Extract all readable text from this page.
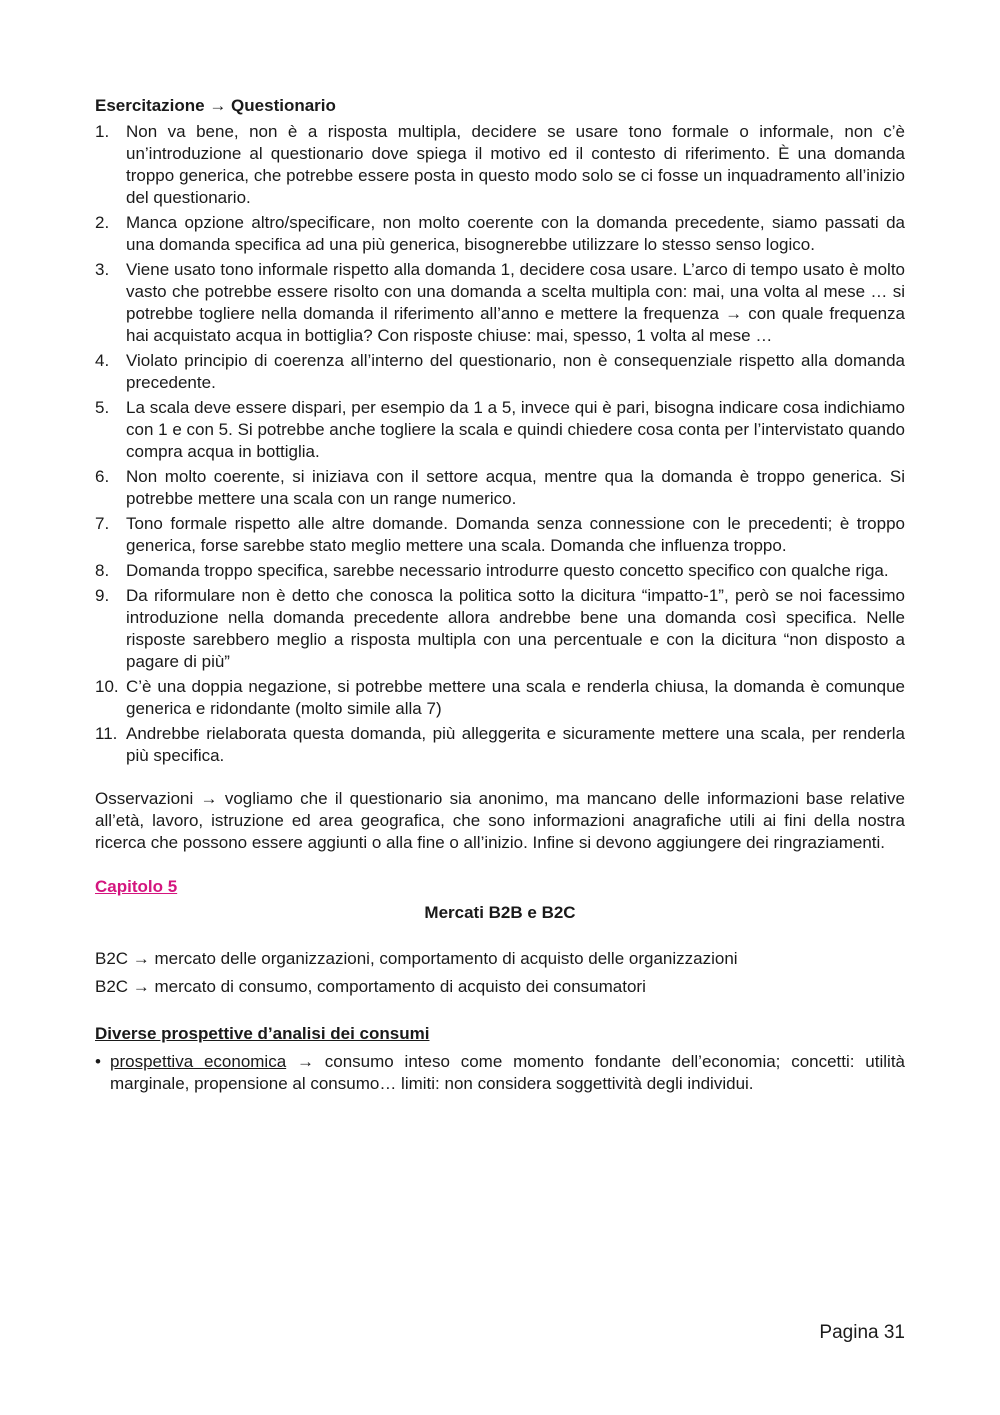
Esercitazione → Questionario
1. Non va bene, non è a risposta multipla, decidere se usare tono formale o informale, non c’è un’introduzione al questionario dove spiega il motivo ed il contesto di riferimento. È una domanda troppo generica, che potrebbe essere posta in questo modo solo se ci fosse un inquadramento all’inizio del questionario.
2. Manca opzione altro/specificare, non molto coerente con la domanda precedente, siamo passati da una domanda specifica ad una più generica, bisognerebbe utilizzare lo stesso senso logico.
3. Viene usato tono informale rispetto alla domanda 1, decidere cosa usare. L’arco di tempo usato è molto vasto che potrebbe essere risolto con una domanda a scelta multipla con: mai, una volta al mese … si potrebbe togliere nella domanda il riferimento all’anno e mettere la frequenza → con quale frequenza hai acquistato acqua in bottiglia? Con risposte chiuse: mai, spesso, 1 volta al mese …
4. Violato principio di coerenza all’interno del questionario, non è consequenziale rispetto alla domanda precedente.
5. La scala deve essere dispari, per esempio da 1 a 5, invece qui è pari, bisogna indicare cosa indichiamo con 1 e con 5. Si potrebbe anche togliere la scala e quindi chiedere cosa conta per l’intervistato quando compra acqua in bottiglia.
6. Non molto coerente, si iniziava con il settore acqua, mentre qua la domanda è troppo generica. Si potrebbe mettere una scala con un range numerico.
7. Tono formale rispetto alle altre domande. Domanda senza connessione con le precedenti; è troppo generica, forse sarebbe stato meglio mettere una scala. Domanda che influenza troppo.
8. Domanda troppo specifica, sarebbe necessario introdurre questo concetto specifico con qualche riga.
9. Da riformulare non è detto che conosca la politica sotto la dicitura “impatto-1”, però se noi facessimo introduzione nella domanda precedente allora andrebbe bene una domanda così specifica. Nelle risposte sarebbero meglio a risposta multipla con una percentuale e con la dicitura “non disposto a pagare di più”
10. C’è una doppia negazione, si potrebbe mettere una scala e renderla chiusa, la domanda è comunque generica e ridondante (molto simile alla 7)
11. Andrebbe rielaborata questa domanda, più alleggerita e sicuramente mettere una scala, per renderla più specifica.
Osservazioni → vogliamo che il questionario sia anonimo, ma mancano delle informazioni base relative all’età, lavoro, istruzione ed area geografica, che sono informazioni anagrafiche utili ai fini della nostra ricerca che possono essere aggiunti o alla fine o all’inizio. Infine si devono aggiungere dei ringraziamenti.
Capitolo 5
Mercati B2B e B2C

B2C → mercato delle organizzazioni, comportamento di acquisto delle organizzazioni

B2C → mercato di consumo, comportamento di acquisto dei consumatori

Diverse prospettive d’analisi dei consumi
• prospettiva economica → consumo inteso come momento fondante dell’economia; concetti: utilità marginale, propensione al consumo… limiti: non considera soggettività degli individui.
Pagina 31
